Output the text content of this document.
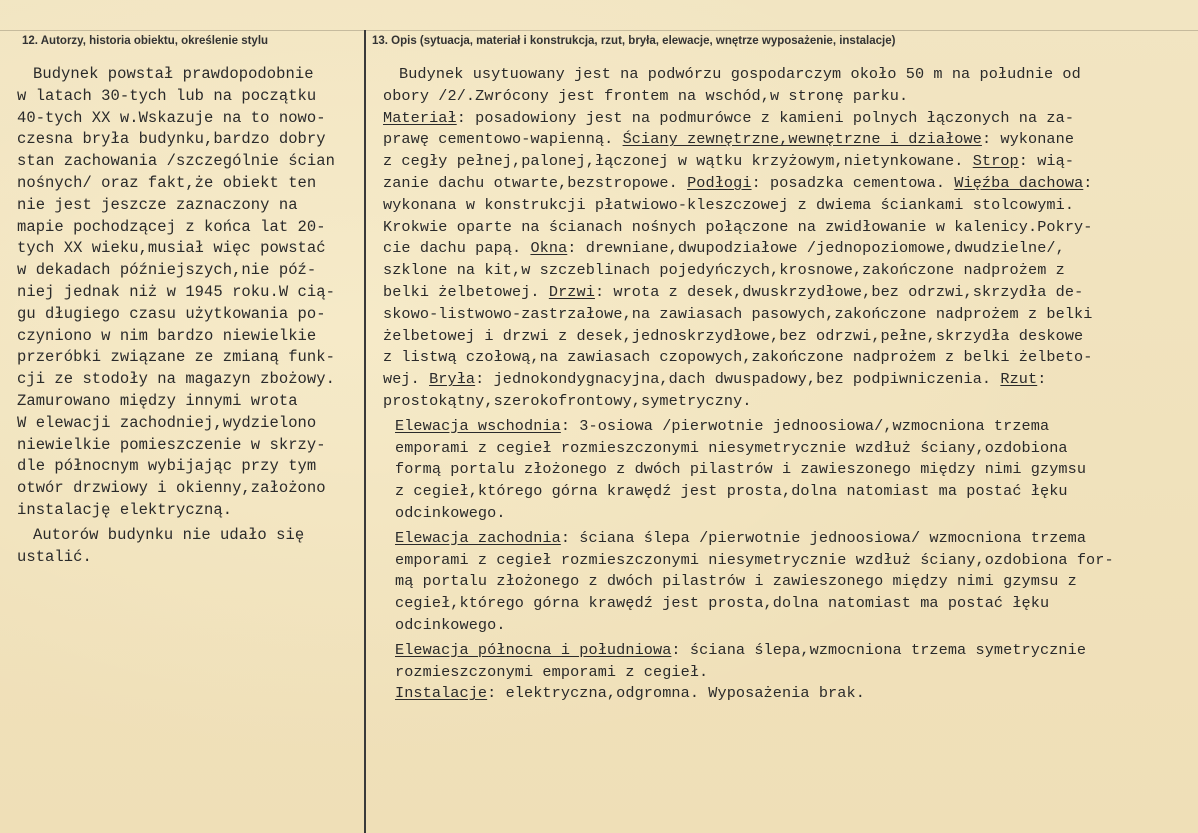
12. Autorzy, historia obiektu, określenie stylu	13. Opis (sytuacja, materiał i konstrukcja, rzut, bryła, elewacje, wnętrze wyposażenie, instalacje)
Budynek powstał prawdopodobnie
w latach 30-tych lub na początku
40-tych XX w.Wskazuje na to nowo-
czesna bryła budynku,bardzo dobry
stan zachowania /szczególnie ścian
nośnych/ oraz fakt,że obiekt ten
nie jest jeszcze zaznaczony na
mapie pochodzącej z końca lat 20-
tych XX wieku,musiał więc powstać
w dekadach późniejszych,nie póź-
niej jednak niż w 1945 roku.W cią-
gu długiego czasu użytkowania po-
czyniono w nim bardzo niewielkie
przeróbki związane ze zmianą funk-
cji ze stodoły na magazyn zbożowy.
Zamurowano między innymi wrota
W elewacji zachodniej,wydzielono
niewielkie pomieszczenie w skrzy-
dle północnym wybijając przy tym
otwór drzwiowy i okienny,założono
instalację elektryczną.
Autorów budynku nie udało się
ustalić.
Budynek usytuowany jest na podwórzu gospodarczym około 50 m na południe od
obory /2/.Zwrócony jest frontem na wschód,w stronę parku.
Materiał: posadowiony jest na podmurówce z kamieni polnych łączonych na za-
prawę cementowo-wapienną. Ściany zewnętrzne,wewnętrzne i działowe: wykonane
z cegły pełnej,palonej,łączonej w wątku krzyżowym,nietynkowane. Strop: wią-
zanie dachu otwarte,bezstropowe. Podłogi: posadzka cementowa. Więźba dachowa:
wykonana w konstrukcji płatwiowo-kleszczowej z dwiema ściankami stolcowymi.
Krokwie oparte na ścianach nośnych połączone na zwidłowanie w kalenicy.Pokry-
cie dachu papą. Okna: drewniane,dwupodziałowe /jednopoziomowe,dwudzielne/,
szklone na kit,w szczeblinach pojedyńczych,krosnowe,zakończone nadprożem z
belki żelbetowej. Drzwi: wrota z desek,dwuskrzydłowe,bez odrzwi,skrzydła de-
skowo-listwowo-zastrzałowe,na zawiasach pasowych,zakończone nadprożem z belki
żelbetowej i drzwi z desek,jednoskrzydłowe,bez odrzwi,pełne,skrzydła deskowe
z listwą czołową,na zawiasach czopowych,zakończone nadprożem z belki żelbeto-
wej. Bryła: jednokondygnacyjna,dach dwuspadowy,bez podpiwniczenia. Rzut:
prostokątny,szerokofrontowy,symetryczny.
Elewacja wschodnia: 3-osiowa /pierwotnie jednoosiowa/,wzmocniona trzema
emporami z cegieł rozmieszczonymi niesymetrycznie wzdłuż ściany,ozdobiona
formą portalu złożonego z dwóch pilastrów i zawieszonego między nimi gzymsu
z cegieł,którego górna krawędź jest prosta,dolna natomiast ma postać łęku
odcinkowego.
Elewacja zachodnia: ściana ślepa /pierwotnie jednoosiowa/ wzmocniona trzema
emporami z cegieł rozmieszczonymi niesymetrycznie wzdłuż ściany,ozdobiona for-
mą portalu złożonego z dwóch pilastrów i zawieszonego między nimi gzymsu z
cegieł,którego górna krawędź jest prosta,dolna natomiast ma postać łęku
odcinkowego.
Elewacja północna i południowa: ściana ślepa,wzmocniona trzema symetrycznie
rozmieszczonymi emporami z cegieł.
Instalacje: elektryczna,odgromna. Wyposażenia brak.
